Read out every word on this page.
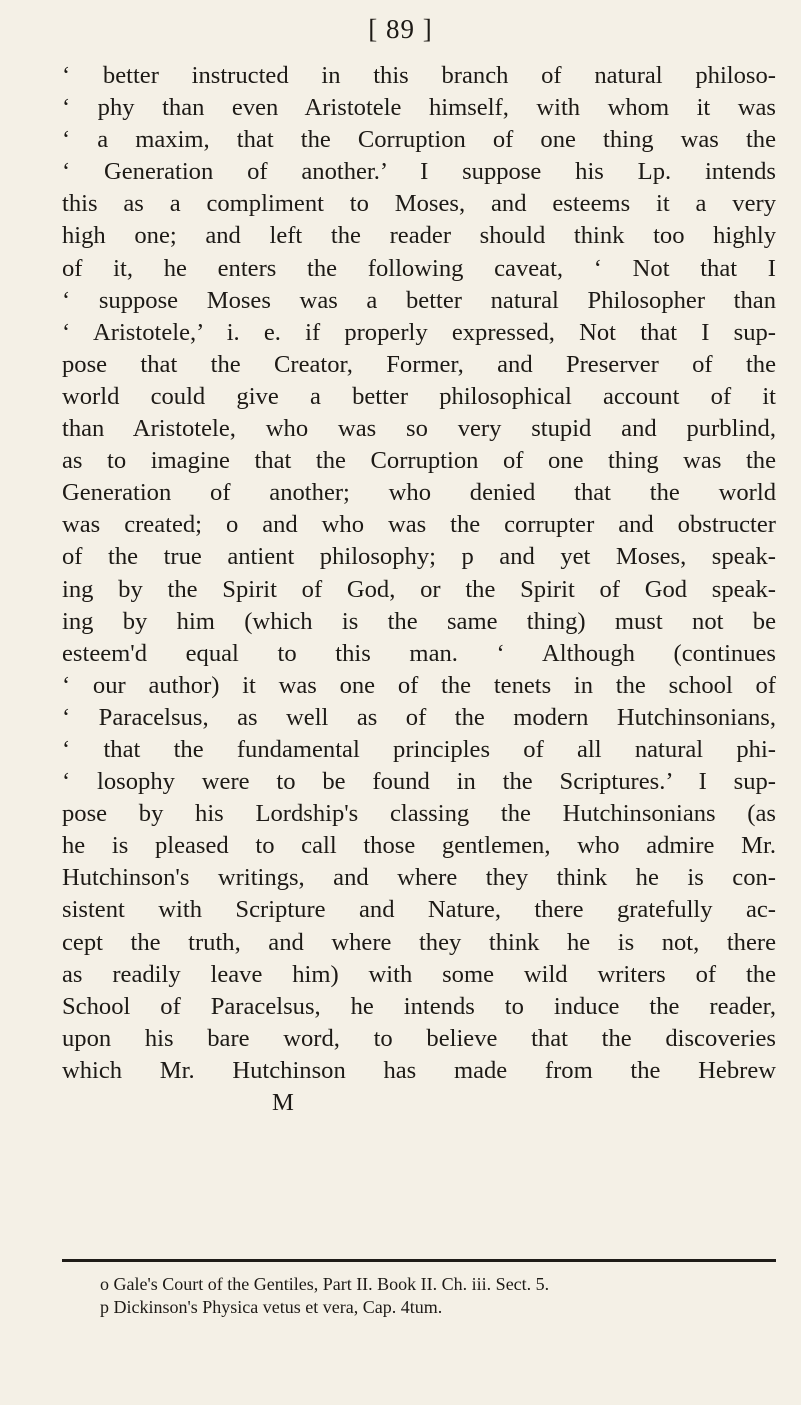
[ 89 ]
‘ better instructed in this branch of natural philoso-
‘ phy than even Aristotele himself, with whom it was
‘ a maxim, that the Corruption of one thing was the
‘ Generation of another.’ I suppose his Lp. intends
this as a compliment to Moses, and esteems it a very
high one; and left the reader should think too highly
of it, he enters the following caveat, ‘ Not that I
‘ suppose Moses was a better natural Philosopher than
‘ Aristotele,’ i. e. if properly expressed, Not that I sup-
pose that the Creator, Former, and Preserver of the
world could give a better philosophical account of it
than Aristotele, who was so very stupid and purblind,
as to imagine that the Corruption of one thing was the
Generation of another; who denied that the world
was created; o and who was the corrupter and obstructer
of the true antient philosophy; p and yet Moses, speak-
ing by the Spirit of God, or the Spirit of God speak-
ing by him (which is the same thing) must not be
esteem'd equal to this man. ‘ Although (continues
‘ our author) it was one of the tenets in the school of
‘ Paracelsus, as well as of the modern Hutchinsonians,
‘ that the fundamental principles of all natural phi-
‘ losophy were to be found in the Scriptures.’ I sup-
pose by his Lordship's classing the Hutchinsonians (as
he is pleased to call those gentlemen, who admire Mr.
Hutchinson's writings, and where they think he is con-
sistent with Scripture and Nature, there gratefully ac-
cept the truth, and where they think he is not, there
as readily leave him) with some wild writers of the
School of Paracelsus, he intends to induce the reader,
upon his bare word, to believe that the discoveries
which Mr. Hutchinson has made from the Hebrew
M
o Gale's Court of the Gentiles, Part II. Book II. Ch. iii. Sect. 5.
p Dickinson's Physica vetus et vera, Cap. 4tum.
